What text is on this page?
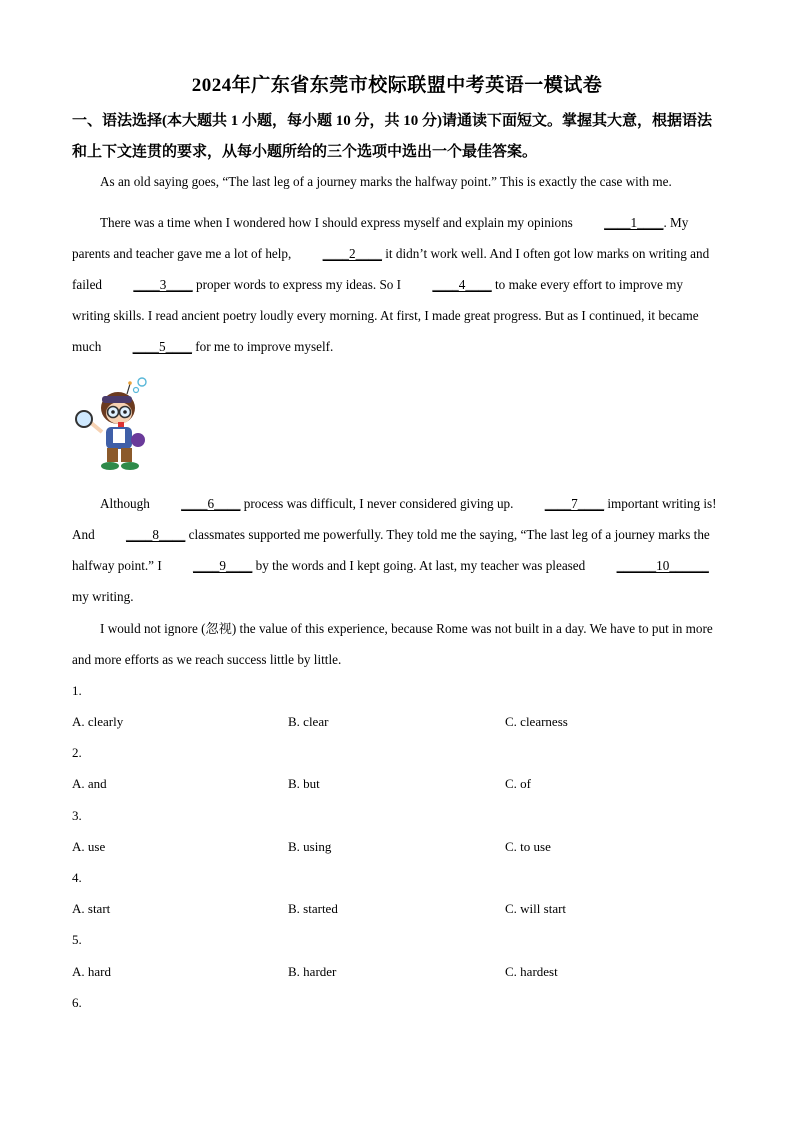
2024年广东省东莞市校际联盟中考英语一模试卷
一、语法选择(本大题共 1 小题，每小题 10 分，共 10 分)请通读下面短文。掌握其大意，根据语法和上下文连贯的要求，从每小题所给的三个选项中选出一个最佳答案。
As an old saying goes, “The last leg of a journey marks the halfway point.” This is exactly the case with me.
There was a time when I wondered how I should express myself and explain my opinions ____1____. My parents and teacher gave me a lot of help, ____2____ it didn’t work well. And I often got low marks on writing and failed ____3____ proper words to express my ideas. So I ____4____ to make every effort to improve my writing skills. I read ancient poetry loudly every morning. At first, I made great progress. But as I continued, it became much ____5____ for me to improve myself.
Although ____6____ process was difficult, I never considered giving up. ____7____ important writing is! And ____8____ classmates supported me powerfully. They told me the saying, “The last leg of a journey marks the halfway point.” I ____9____ by the words and I kept going. At last, my teacher was pleased ______10______ my writing.
I would not ignore (忽视) the value of this experience, because Rome was not built in a day. We have to put in more and more efforts as we reach success little by little.
1.
A. clearly	B. clear	C. clearness
2.
A. and	B. but	C. of
3.
A. use	B. using	C. to use
4.
A. start	B. started	C. will start
5.
A. hard	B. harder	C. hardest
6.
